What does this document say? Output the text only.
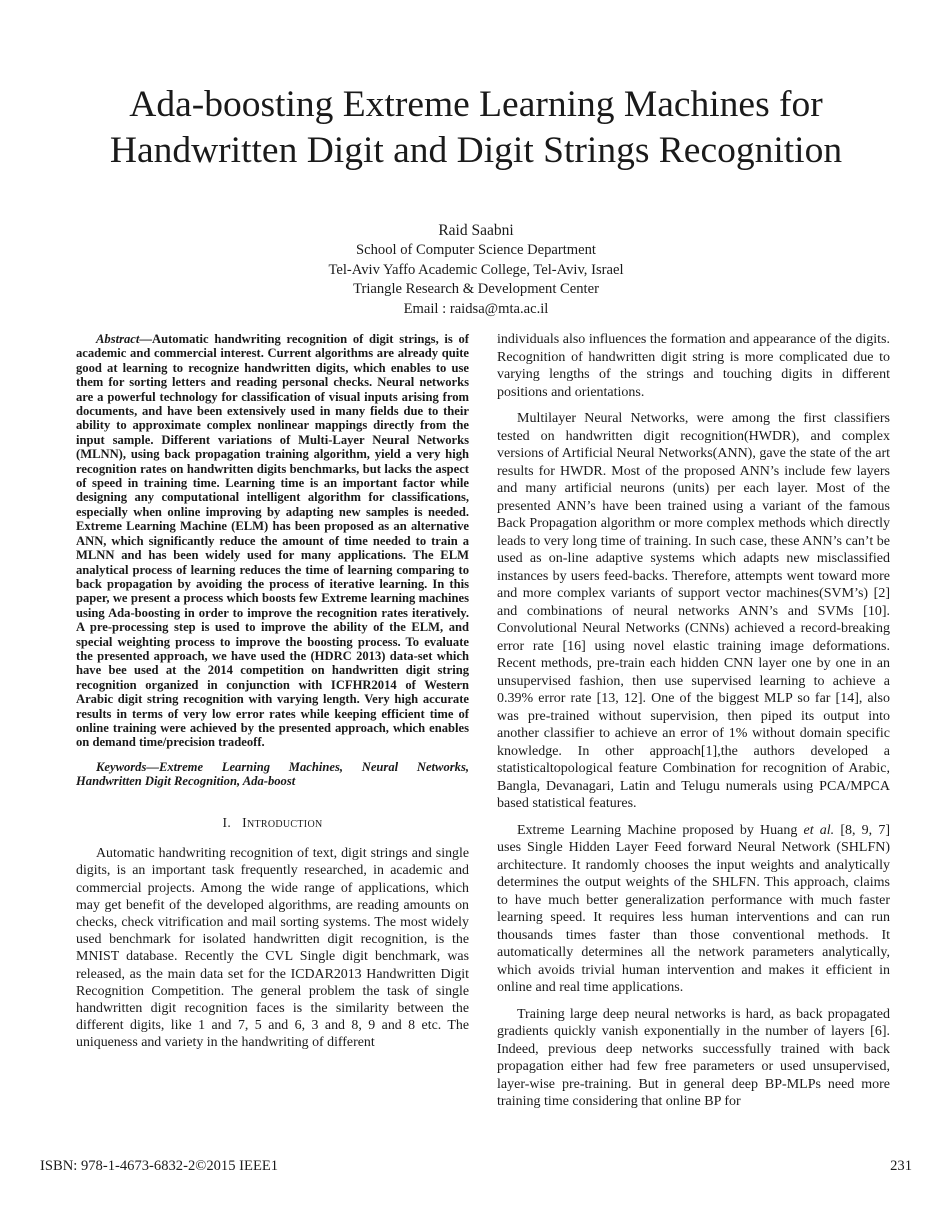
Ada-boosting Extreme Learning Machines for
Handwritten Digit and Digit Strings Recognition
Raid Saabni
School of Computer Science Department
Tel-Aviv Yaffo Academic College, Tel-Aviv, Israel
Triangle Research & Development Center
Email : raidsa@mta.ac.il

Abstract—Automatic handwriting recognition of digit strings, is of academic and commercial interest. Current algorithms are already quite good at learning to recognize handwritten digits, which enables to use them for sorting letters and reading personal checks. Neural networks are a powerful technology for classification of visual inputs arising from documents, and have been extensively used in many fields due to their ability to approximate complex nonlinear mappings directly from the input sample. Different variations of Multi-Layer Neural Networks (MLNN), using back propagation training algorithm, yield a very high recognition rates on handwritten digits benchmarks, but lacks the aspect of speed in training time. Learning time is an important factor while designing any computational intelligent algorithm for classifications, especially when online improving by adapting new samples is needed. Extreme Learning Machine (ELM) has been proposed as an alternative ANN, which significantly reduce the amount of time needed to train a MLNN and has been widely used for many applications. The ELM analytical process of learning reduces the time of learning comparing to back propagation by avoiding the process of iterative learning. In this paper, we present a process which boosts few Extreme learning machines using Ada-boosting in order to improve the recognition rates iteratively. A pre-processing step is used to improve the ability of the ELM, and special weighting process to improve the boosting process. To evaluate the presented approach, we have used the (HDRC 2013) data-set which have bee used at the 2014 competition on handwritten digit string recognition organized in conjunction with ICFHR2014 of Western Arabic digit string recognition with varying length. Very high accurate results in terms of very low error rates while keeping efficient time of online training were achieved by the presented approach, which enables on demand time/precision tradeoff.

Keywords—Extreme Learning Machines, Neural Networks, Handwritten Digit Recognition, Ada-boost

I. Introduction

Automatic handwriting recognition of text, digit strings and single digits, is an important task frequently researched, in academic and commercial projects. Among the wide range of applications, which may get benefit of the developed algorithms, are reading amounts on checks, check vitrification and mail sorting systems. The most widely used benchmark for isolated handwritten digit recognition, is the MNIST database. Recently the CVL Single digit benchmark, was released, as the main data set for the ICDAR2013 Handwritten Digit Recognition Competition. The general problem the task of single handwritten digit recognition faces is the similarity between the different digits, like 1 and 7, 5 and 6, 3 and 8, 9 and 8 etc. The uniqueness and variety in the handwriting of different

individuals also influences the formation and appearance of the digits. Recognition of handwritten digit string is more complicated due to varying lengths of the strings and touching digits in different positions and orientations.

Multilayer Neural Networks, were among the first classifiers tested on handwritten digit recognition(HWDR), and complex versions of Artificial Neural Networks(ANN), gave the state of the art results for HWDR. Most of the proposed ANN’s include few layers and many artificial neurons (units) per each layer. Most of the presented ANN’s have been trained using a variant of the famous Back Propagation algorithm or more complex methods which directly leads to very long time of training. In such case, these ANN’s can’t be used as on-line adaptive systems which adapts new misclassified instances by users feed-backs. Therefore, attempts went toward more and more complex variants of support vector machines(SVM’s) [2] and combinations of neural networks ANN’s and SVMs [10]. Convolutional Neural Networks (CNNs) achieved a record-breaking error rate [16] using novel elastic training image deformations. Recent methods, pre-train each hidden CNN layer one by one in an unsupervised fashion, then use supervised learning to achieve a 0.39% error rate [13, 12]. One of the biggest MLP so far [14], also was pre-trained without supervision, then piped its output into another classifier to achieve an error of 1% without domain specific knowledge. In other approach[1],the authors developed a statisticaltopological feature Combination for recognition of Arabic, Bangla, Devanagari, Latin and Telugu numerals using PCA/MPCA based statistical features.

Extreme Learning Machine proposed by Huang et al. [8, 9, 7] uses Single Hidden Layer Feed forward Neural Network (SHLFN) architecture. It randomly chooses the input weights and analytically determines the output weights of the SHLFN. This approach, claims to have much better generalization performance with much faster learning speed. It requires less human interventions and can run thousands times faster than those conventional methods. It automatically determines all the network parameters analytically, which avoids trivial human intervention and makes it efficient in online and real time applications.

Training large deep neural networks is hard, as back propagated gradients quickly vanish exponentially in the number of layers [6]. Indeed, previous deep networks successfully trained with back propagation either had few free parameters or used unsupervised, layer-wise pre-training. But in general deep BP-MLPs need more training time considering that online BP for

ISBN: 978-1-4673-6832-2©2015 IEEE1	231
